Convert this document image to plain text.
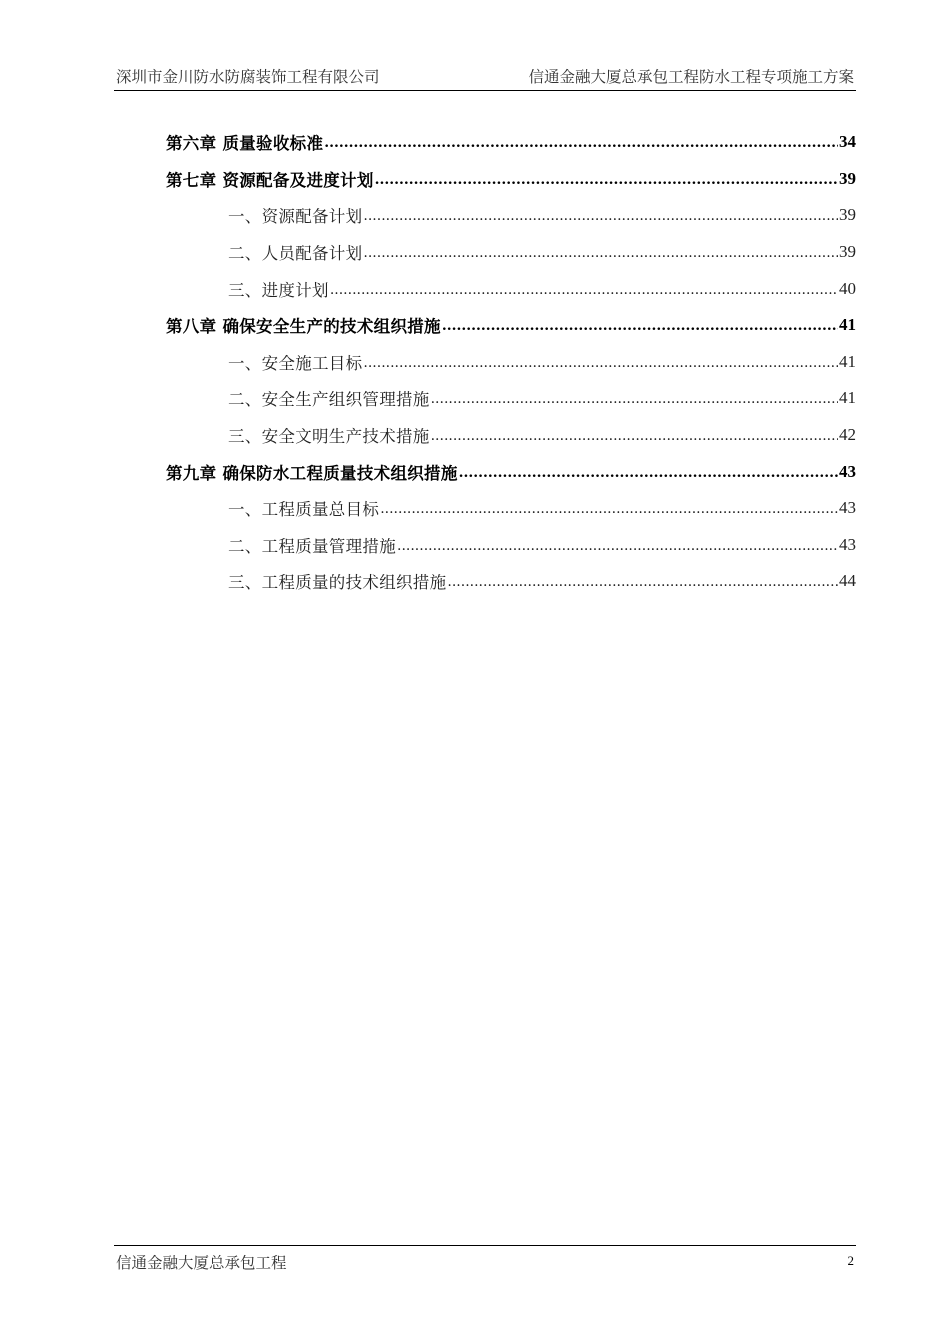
深圳市金川防水防腐装饰工程有限公司	信通金融大厦总承包工程防水工程专项施工方案
第六章 质量验收标准 .....	34
第七章 资源配备及进度计划 .....	39
一、资源配备计划 .....	39
二、人员配备计划 .....	39
三、进度计划 .....	40
第八章 确保安全生产的技术组织措施 .....	41
一、安全施工目标 .....	41
二、安全生产组织管理措施 .....	41
三、安全文明生产技术措施 .....	42
第九章 确保防水工程质量技术组织措施 .....	43
一、工程质量总目标 .....	43
二、工程质量管理措施 .....	43
三、工程质量的技术组织措施 .....	44
信通金融大厦总承包工程	2
